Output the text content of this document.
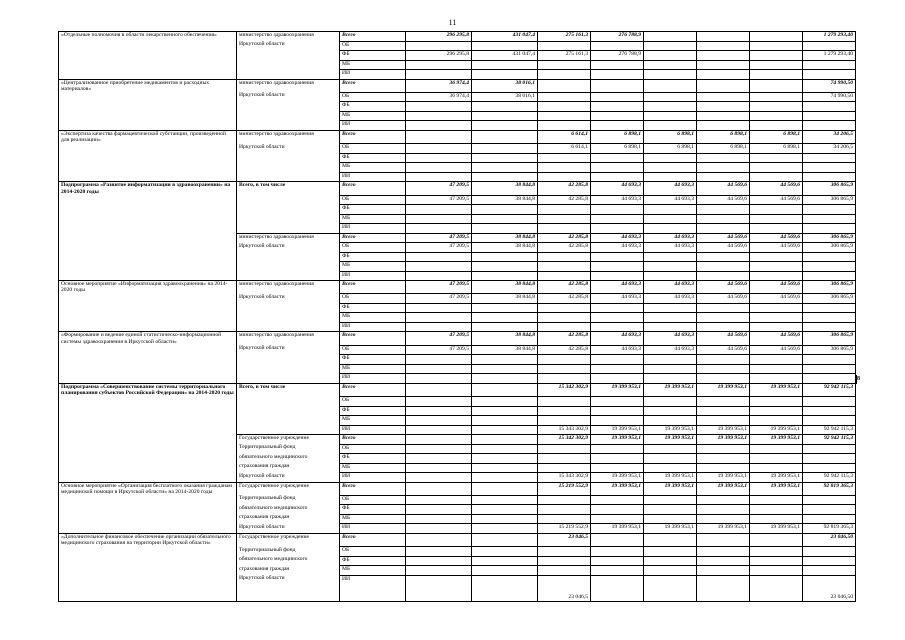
11
«Отдельные полномочия в области лекарственного обеспечения»	министерство здравоохранения	Всего	296 295,8	431 047,4	275 161,3	276 788,9				1 279 293,40
	Иркутской области	ОБ								
		ФБ	296 295,8	431 047,4	275 161,3	276 788,9				1 279 293,40
		МБ								
		ИИ								
«Централизованное приобретение медикаментов и расходных материалов»	министерство здравоохранения	Всего	36 974,4	38 016,1						74 990,50
	Иркутской области	ОБ	36 974,4	38 016,1						74 990,50
		ФБ								
		МБ								
		ИИ								
«Экспертиза качества фармацевтической субстанции, произведенной для реализации»	министерство здравоохранения	Всего			6 614,1	6 898,1	6 898,1	6 898,1	6 898,1	34 206,5
	Иркутской области	ОБ			6 614,1	6 898,1	6 898,1	6 898,1	6 898,1	34 206,5
		ФБ								
		МБ								
		ИИ								
Подпрограмма «Развитие информатизации в здравоохранении» на 2014-2020 годы	Всего, в том числе	Всего	47 209,5	38 844,8	42 285,8	44 693,3	44 693,3	44 569,6	44 569,6	306 865,9
		ОБ	47 209,5	38 844,8	42 285,8	44 693,3	44 693,3	44 569,6	44 569,6	306 865,9
		ФБ								
		МБ								
		ИИ								
	министерство здравоохранения	Всего	47 209,5	38 844,8	42 285,8	44 693,3	44 693,3	44 569,6	44 569,6	306 865,9
	Иркутской области	ОБ	47 209,5	38 844,8	42 285,8	44 693,3	44 693,3	44 569,6	44 569,6	306 865,9
		ФБ								
		МБ								
		ИИ								
Основное мероприятие «Информатизация здравоохранения» на 2014-2020 годы	министерство здравоохранения	Всего	47 209,5	38 844,8	42 285,8	44 693,3	44 693,3	44 569,6	44 569,6	306 865,9
	Иркутской области	ОБ	47 209,5	38 844,8	42 285,8	44 693,3	44 693,3	44 569,6	44 569,6	306 865,9
		ФБ								
		МБ								
		ИИ								
«Формирование и ведение единой статистическо-информационной системы здравоохранения в Иркутской области»	министерство здравоохранения	Всего	47 209,5	38 844,8	42 285,8	44 693,3	44 693,3	44 569,6	44 569,6	306 865,9
	Иркутской области	ОБ	47 209,5	38 844,8	42 285,8	44 693,3	44 693,3	44 569,6	44 569,6	306 865,9
		ФБ								
		МБ								
		ИИ								
Подпрограмма «Совершенствование системы территориального планирования субъектов Российской Федерации» на 2014-2020 годы	Всего, в том числе	Всего			15 342 302,9	19 399 953,1	19 399 953,1	19 399 953,1	19 399 953,1	92 942 115,3
		ОБ								
		ФБ								
		МБ								
		ИИ			15 343 302,9	19 399 953,1	19 399 953,1	19 399 953,1	19 399 953,1	92 942 115,3
	Государственное учреждение	Всего			15 342 302,9	19 399 953,1	19 399 953,1	19 399 953,1	19 399 953,1	92 942 115,3
	Территориальный фонд	ОБ								
	обязательного медицинского	ФБ								
	страхования граждан	МБ								
	Иркутской области	ИИ			15 343 302,9	19 399 953,1	19 399 953,1	19 399 953,1	19 399 953,1	92 942 115,3
Основное мероприятие «Организация бесплатного оказания гражданам медицинской помощи в Иркутской области» на 2014-2020 годы	Государственное учреждение	Всего			15 219 552,9	19 399 953,1	19 399 953,1	19 399 953,1	19 399 953,1	92 819 365,3
	Территориальный фонд	ОБ								
	обязательного медицинского	ФБ								
	страхования граждан	МБ								
	Иркутской области	ИИ			15 219 552,9	19 399 953,1	19 399 953,1	19 399 953,1	19 399 953,1	92 819 365,3
«Дополнительное финансовое обеспечение организации обязательного медицинского страхования на территории Иркутской области»	Государственное учреждение	Всего			23 046,5					23 046,50
	Территориальный фонд	ОБ								
	обязательного медицинского	ФБ								
	страхования граждан	МБ								
	Иркутской области	ИИ			23 046,5					23 046,50
8
